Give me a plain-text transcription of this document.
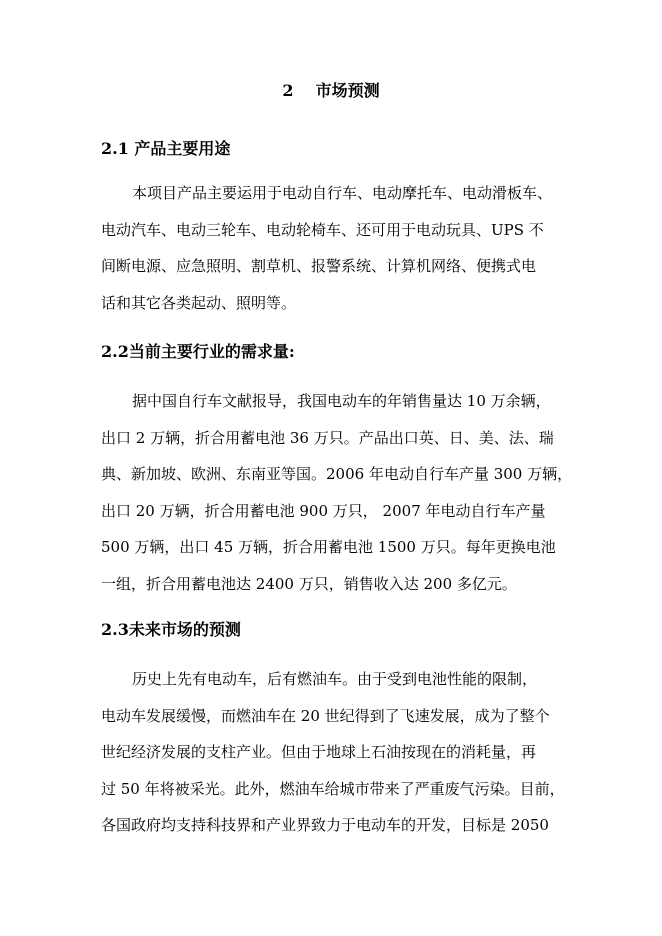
2 市场预测
2.1 产品主要用途
本项目产品主要运用于电动自行车、电动摩托车、电动滑板车、
电动汽车、电动三轮车、电动轮椅车、还可用于电动玩具、UPS 不
间断电源、应急照明、割草机、报警系统、计算机网络、便携式电
话和其它各类起动、照明等。
2.2当前主要行业的需求量:
据中国自行车文献报导，我国电动车的年销售量达 10 万余辆，
出口 2 万辆，折合用蓄电池 36 万只。产品出口英、日、美、法、瑞
典、新加坡、欧洲、东南亚等国。2006 年电动自行车产量 300 万辆，
出口 20 万辆，折合用蓄电池 900 万只， 2007 年电动自行车产量
500 万辆，出口 45 万辆，折合用蓄电池 1500 万只。每年更换电池
一组，折合用蓄电池达 2400 万只，销售收入达 200 多亿元。
2.3未来市场的预测
历史上先有电动车，后有燃油车。由于受到电池性能的限制，
电动车发展缓慢，而燃油车在 20 世纪得到了飞速发展，成为了整个
世纪经济发展的支柱产业。但由于地球上石油按现在的消耗量，再
过 50 年将被采光。此外，燃油车给城市带来了严重废气污染。目前，
各国政府均支持科技界和产业界致力于电动车的开发，目标是 2050
